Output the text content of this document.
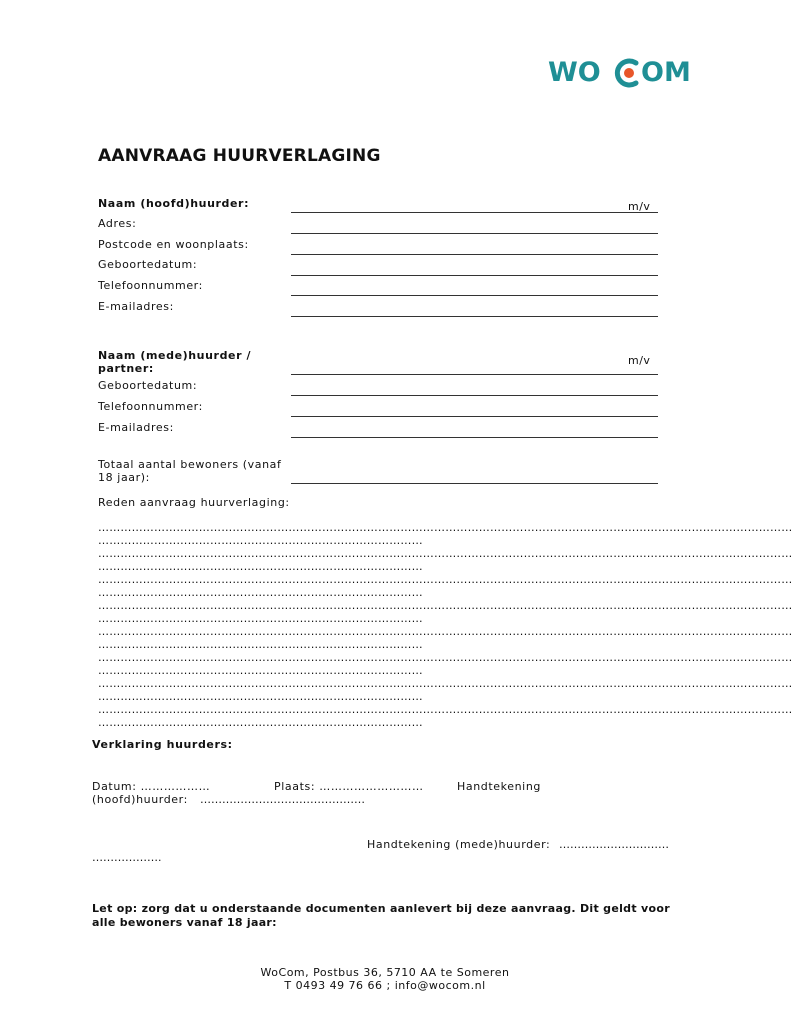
WO OM
AANVRAAG HUURVERLAGING
Naam (hoofd)huurder:	m/v
Adres:
Postcode en woonplaats:
Geboortedatum:
Telefoonnummer:
E-mailadres:
Naam (mede)huurder /
partner:
m/v
Geboortedatum:
Telefoonnummer:
E-mailadres:
Totaal aantal bewoners (vanaf
18 jaar):
Reden aanvraag huurverlaging:
……………………………………………………………………………………………………………………………………………………………………
……………………………………………………………………………
……………………………………………………………………………………………………………………………………………………………………
……………………………………………………………………………
……………………………………………………………………………………………………………………………………………………………………
……………………………………………………………………………
……………………………………………………………………………………………………………………………………………………………………
……………………………………………………………………………
……………………………………………………………………………………………………………………………………………………………………
……………………………………………………………………………
……………………………………………………………………………………………………………………………………………………………………
……………………………………………………………………………
……………………………………………………………………………………………………………………………………………………………………
……………………………………………………………………………
……………………………………………………………………………………………………………………………………………………………………
……………………………………………………………………………
Verklaring huurders:
Datum: ………………	Plaats: ………………………	Handtekening
(hoofd)huurder: ………………………………………
Handtekening (mede)huurder: …………………………
……………….
Let op: zorg dat u onderstaande documenten aanlevert bij deze aanvraag. Dit geldt voor
alle bewoners vanaf 18 jaar:
WoCom, Postbus 36, 5710 AA te Someren
T 0493 49 76 66 ; info@wocom.nl
